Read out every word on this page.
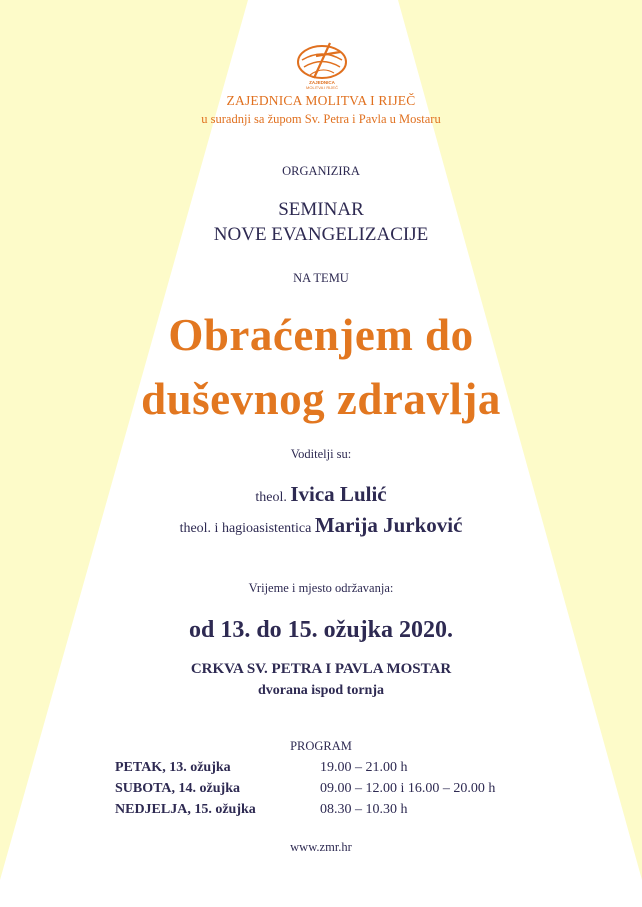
ZAJEDNICA
MOLITVA I RIJEČ
ZAJEDNICA MOLITVA I RIJEČ
u suradnji sa župom Sv. Petra i Pavla u Mostaru
ORGANIZIRA
SEMINAR
NOVE EVANGELIZACIJE
NA TEMU
Obraćenjem do
duševnog zdravlja
Voditelji su:
theol. Ivica Lulić
theol. i hagioasistentica Marija Jurković
Vrijeme i mjesto održavanja:
od 13. do 15. ožujka 2020.
CRKVA SV. PETRA I PAVLA MOSTAR
dvorana ispod tornja
PROGRAM
PETAK, 13. ožujka	19.00 – 21.00 h
SUBOTA, 14. ožujka	09.00 – 12.00 i 16.00 – 20.00 h
NEDJELJA, 15. ožujka	08.30 – 10.30 h
www.zmr.hr
